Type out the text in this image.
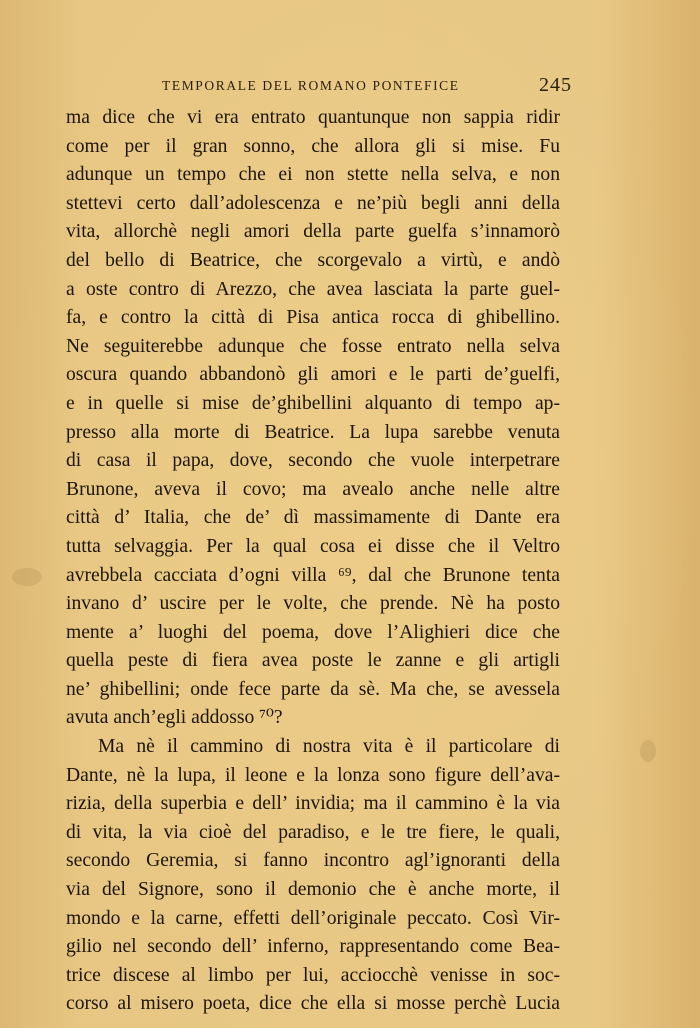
TEMPORALE DEL ROMANO PONTEFICE	245
ma dice che vi era entrato quantunque non sappia ridir
come per il gran sonno, che allora gli si mise. Fu
adunque un tempo che ei non stette nella selva, e non
stettevi certo dall’adolescenza e ne’più begli anni della
vita, allorchè negli amori della parte guelfa s’innamorò
del bello di Beatrice, che scorgevalo a virtù, e andò
a oste contro di Arezzo, che avea lasciata la parte guel-
fa, e contro la città di Pisa antica rocca di ghibellino.
Ne seguiterebbe adunque che fosse entrato nella selva
oscura quando abbandonò gli amori e le parti de’guelfi,
e in quelle si mise de’ghibellini alquanto di tempo ap-
presso alla morte di Beatrice. La lupa sarebbe venuta
di casa il papa, dove, secondo che vuole interpetrare
Brunone, aveva il covo; ma avealo anche nelle altre
città d’ Italia, che de’ dì massimamente di Dante era
tutta selvaggia. Per la qual cosa ei disse che il Veltro
avrebbela cacciata d’ogni villa ⁶⁹, dal che Brunone tenta
invano d’ uscire per le volte, che prende. Nè ha posto
mente a’ luoghi del poema, dove l’Alighieri dice che
quella peste di fiera avea poste le zanne e gli artigli
ne’ ghibellini; onde fece parte da sè. Ma che, se avessela
avuta anch’egli addosso ⁷⁰?
Ma nè il cammino di nostra vita è il particolare di
Dante, nè la lupa, il leone e la lonza sono figure dell’ava-
rizia, della superbia e dell’ invidia; ma il cammino è la via
di vita, la via cioè del paradiso, e le tre fiere, le quali,
secondo Geremia, si fanno incontro agl’ignoranti della
via del Signore, sono il demonio che è anche morte, il
mondo e la carne, effetti dell’originale peccato. Così Vir-
gilio nel secondo dell’ inferno, rappresentando come Bea-
trice discese al limbo per lui, acciocchè venisse in soc-
corso al misero poeta, dice che ella si mosse perchè Lucia
